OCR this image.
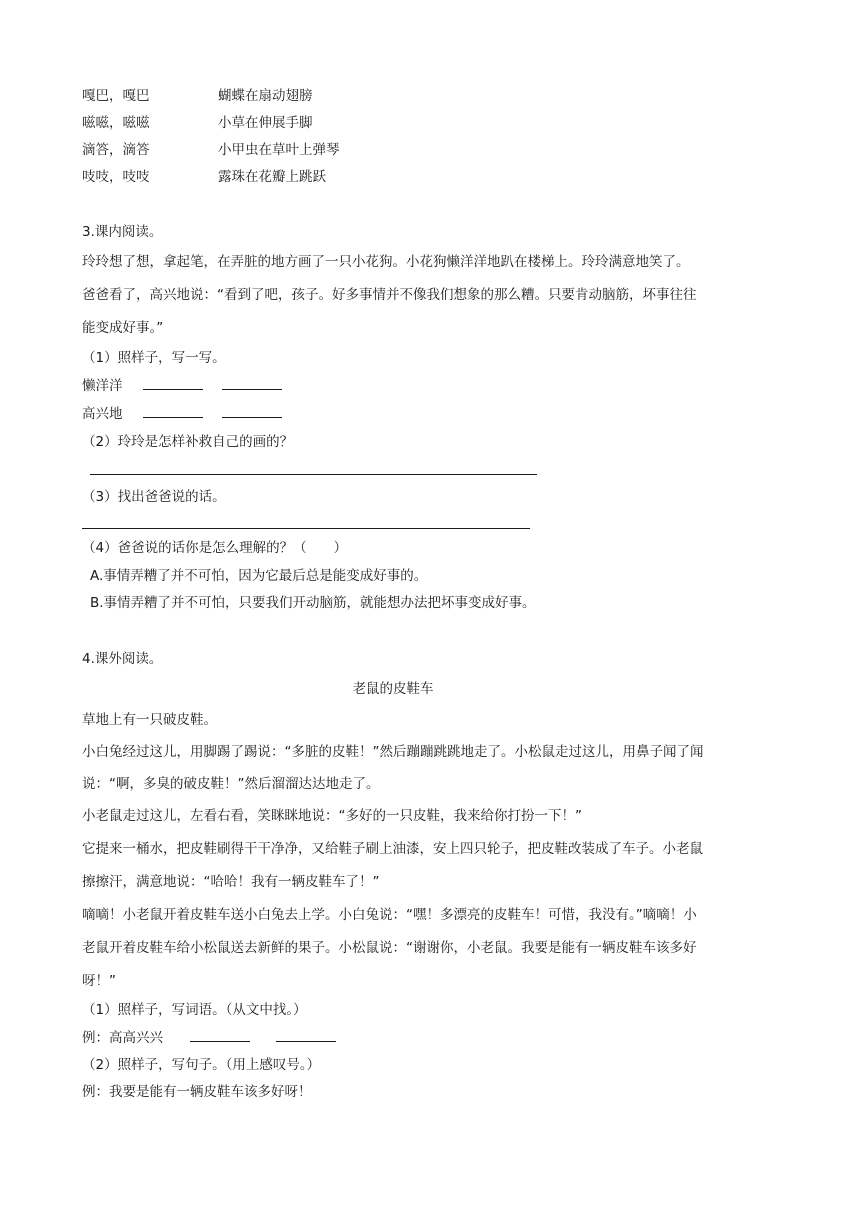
嘎巴，嘎巴	蝴蝶在扇动翅膀
嗞嗞，嗞嗞	小草在伸展手脚
滴答，滴答	小甲虫在草叶上弹琴
吱吱，吱吱	露珠在花瓣上跳跃
3.课内阅读。
玲玲想了想，拿起笔，在弄脏的地方画了一只小花狗。小花狗懒洋洋地趴在楼梯上。玲玲满意地笑了。
爸爸看了，高兴地说：“看到了吧，孩子。好多事情并不像我们想象的那么糟。只要肯动脑筋，坏事往往
能变成好事。”
（1）照样子，写一写。
懒洋洋
高兴地
（2）玲玲是怎样补救自己的画的？
（3）找出爸爸说的话。
（4）爸爸说的话你是怎么理解的？（　　）
A.事情弄糟了并不可怕，因为它最后总是能变成好事的。
B.事情弄糟了并不可怕，只要我们开动脑筋，就能想办法把坏事变成好事。
4.课外阅读。
老鼠的皮鞋车
草地上有一只破皮鞋。
小白兔经过这儿，用脚踢了踢说：“多脏的皮鞋！”然后蹦蹦跳跳地走了。小松鼠走过这儿，用鼻子闻了闻
说：“啊，多臭的破皮鞋！”然后溜溜达达地走了。
小老鼠走过这儿，左看右看，笑眯眯地说：“多好的一只皮鞋，我来给你打扮一下！”
它提来一桶水，把皮鞋刷得干干净净，又给鞋子刷上油漆，安上四只轮子，把皮鞋改装成了车子。小老鼠
擦擦汗，满意地说：“哈哈！我有一辆皮鞋车了！”
嘀嘀！小老鼠开着皮鞋车送小白兔去上学。小白兔说：“嘿！多漂亮的皮鞋车！可惜，我没有。”嘀嘀！小
老鼠开着皮鞋车给小松鼠送去新鲜的果子。小松鼠说：“谢谢你，小老鼠。我要是能有一辆皮鞋车该多好
呀！”
（1）照样子，写词语。（从文中找。）
例：高高兴兴
（2）照样子，写句子。（用上感叹号。）
例：我要是能有一辆皮鞋车该多好呀！
